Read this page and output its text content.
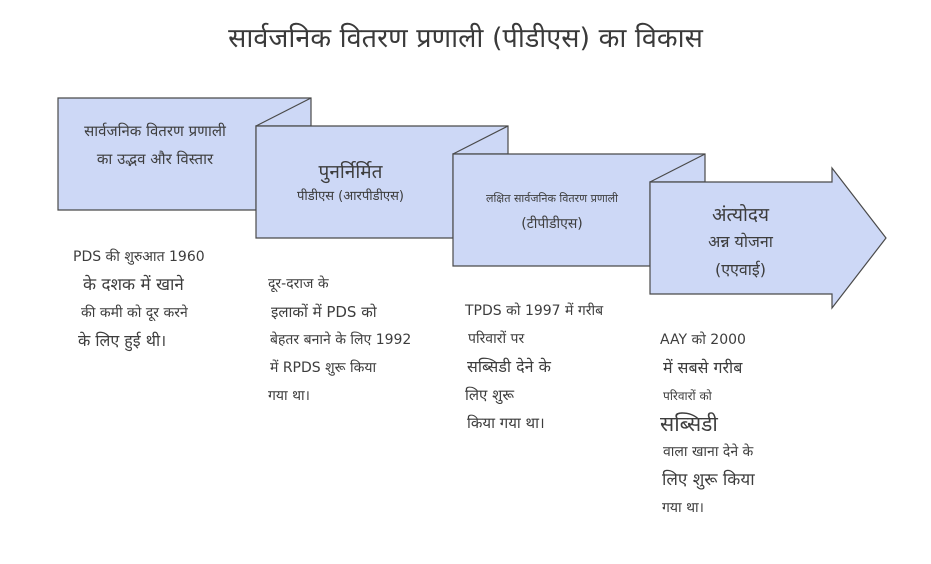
सार्वजनिक वितरण प्रणाली (पीडीएस) का विकास
सार्वजनिक वितरण प्रणाली
का उद्भव और विस्तार
पुनर्निर्मित
पीडीएस (आरपीडीएस)	लक्षित सार्वजनिक वितरण प्रणाली
(टीपीडीएस)	अंत्योदय
अन्न योजना
(एएवाई)
PDS की शुरुआत 1960
के दशक में खाने
की कमी को दूर करने
के लिए हुई थी।
दूर-दराज के
इलाकों में PDS को
बेहतर बनाने के लिए 1992
में RPDS शुरू किया
गया था।
TPDS को 1997 में गरीब
परिवारों पर
सब्सिडी देने के
लिए शुरू
किया गया था।
AAY को 2000
में सबसे गरीब
परिवारों को
सब्सिडी
वाला खाना देने के
लिए शुरू किया
गया था।
